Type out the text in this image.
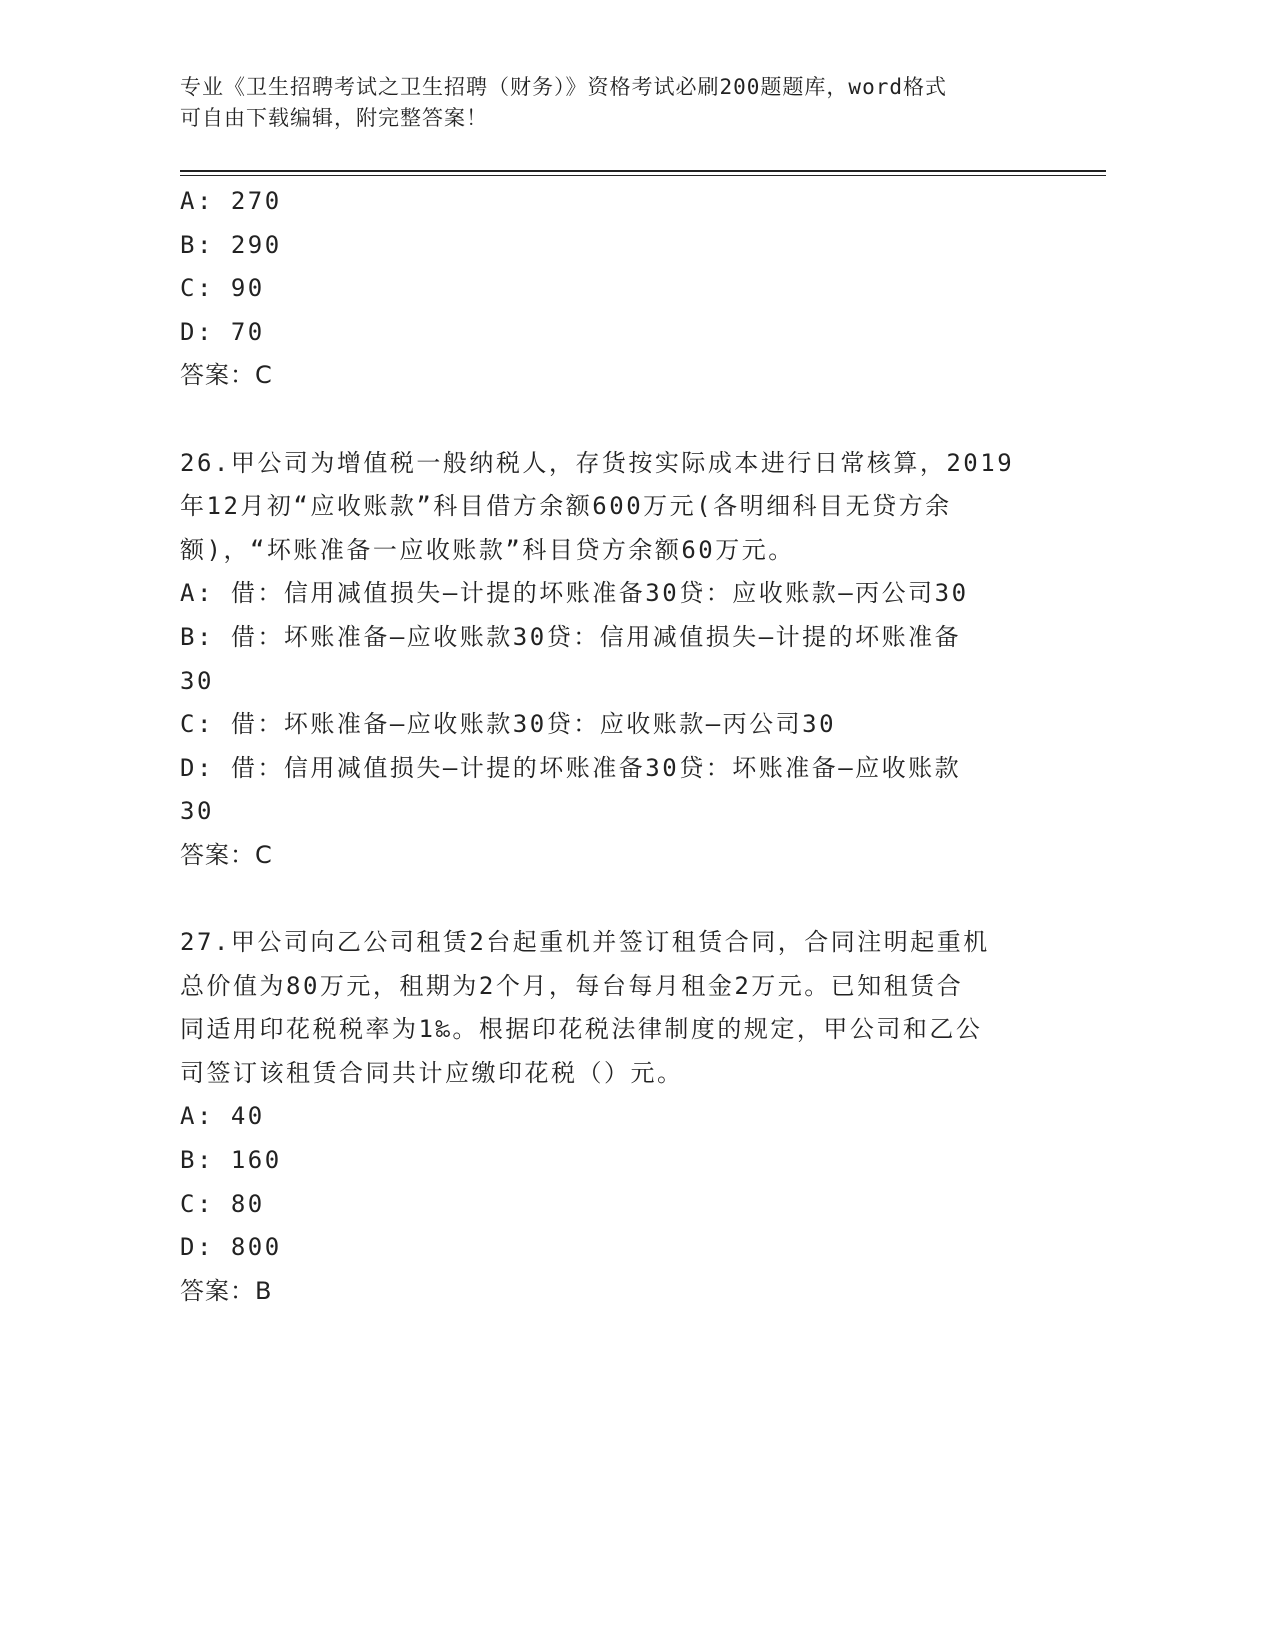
专业《卫生招聘考试之卫生招聘（财务）》资格考试必刷200题题库，word格式
可自由下载编辑，附完整答案！
A: 270
B: 290
C: 90
D: 70
答案：C
26.甲公司为增值税一般纳税人，存货按实际成本进行日常核算，2019
年12月初“应收账款”科目借方余额600万元(各明细科目无贷方余
额)，“坏账准备一应收账款”科目贷方余额60万元。
A: 借：信用减值损失—计提的坏账准备30贷：应收账款—丙公司30
B: 借：坏账准备—应收账款30贷：信用减值损失—计提的坏账准备
30
C: 借：坏账准备—应收账款30贷：应收账款—丙公司30
D: 借：信用减值损失—计提的坏账准备30贷：坏账准备—应收账款
30
答案：C
27.甲公司向乙公司租赁2台起重机并签订租赁合同，合同注明起重机
总价值为80万元，租期为2个月，每台每月租金2万元。已知租赁合
同适用印花税税率为1‰。根据印花税法律制度的规定，甲公司和乙公
司签订该租赁合同共计应缴印花税（）元。
A: 40
B: 160
C: 80
D: 800
答案：B
